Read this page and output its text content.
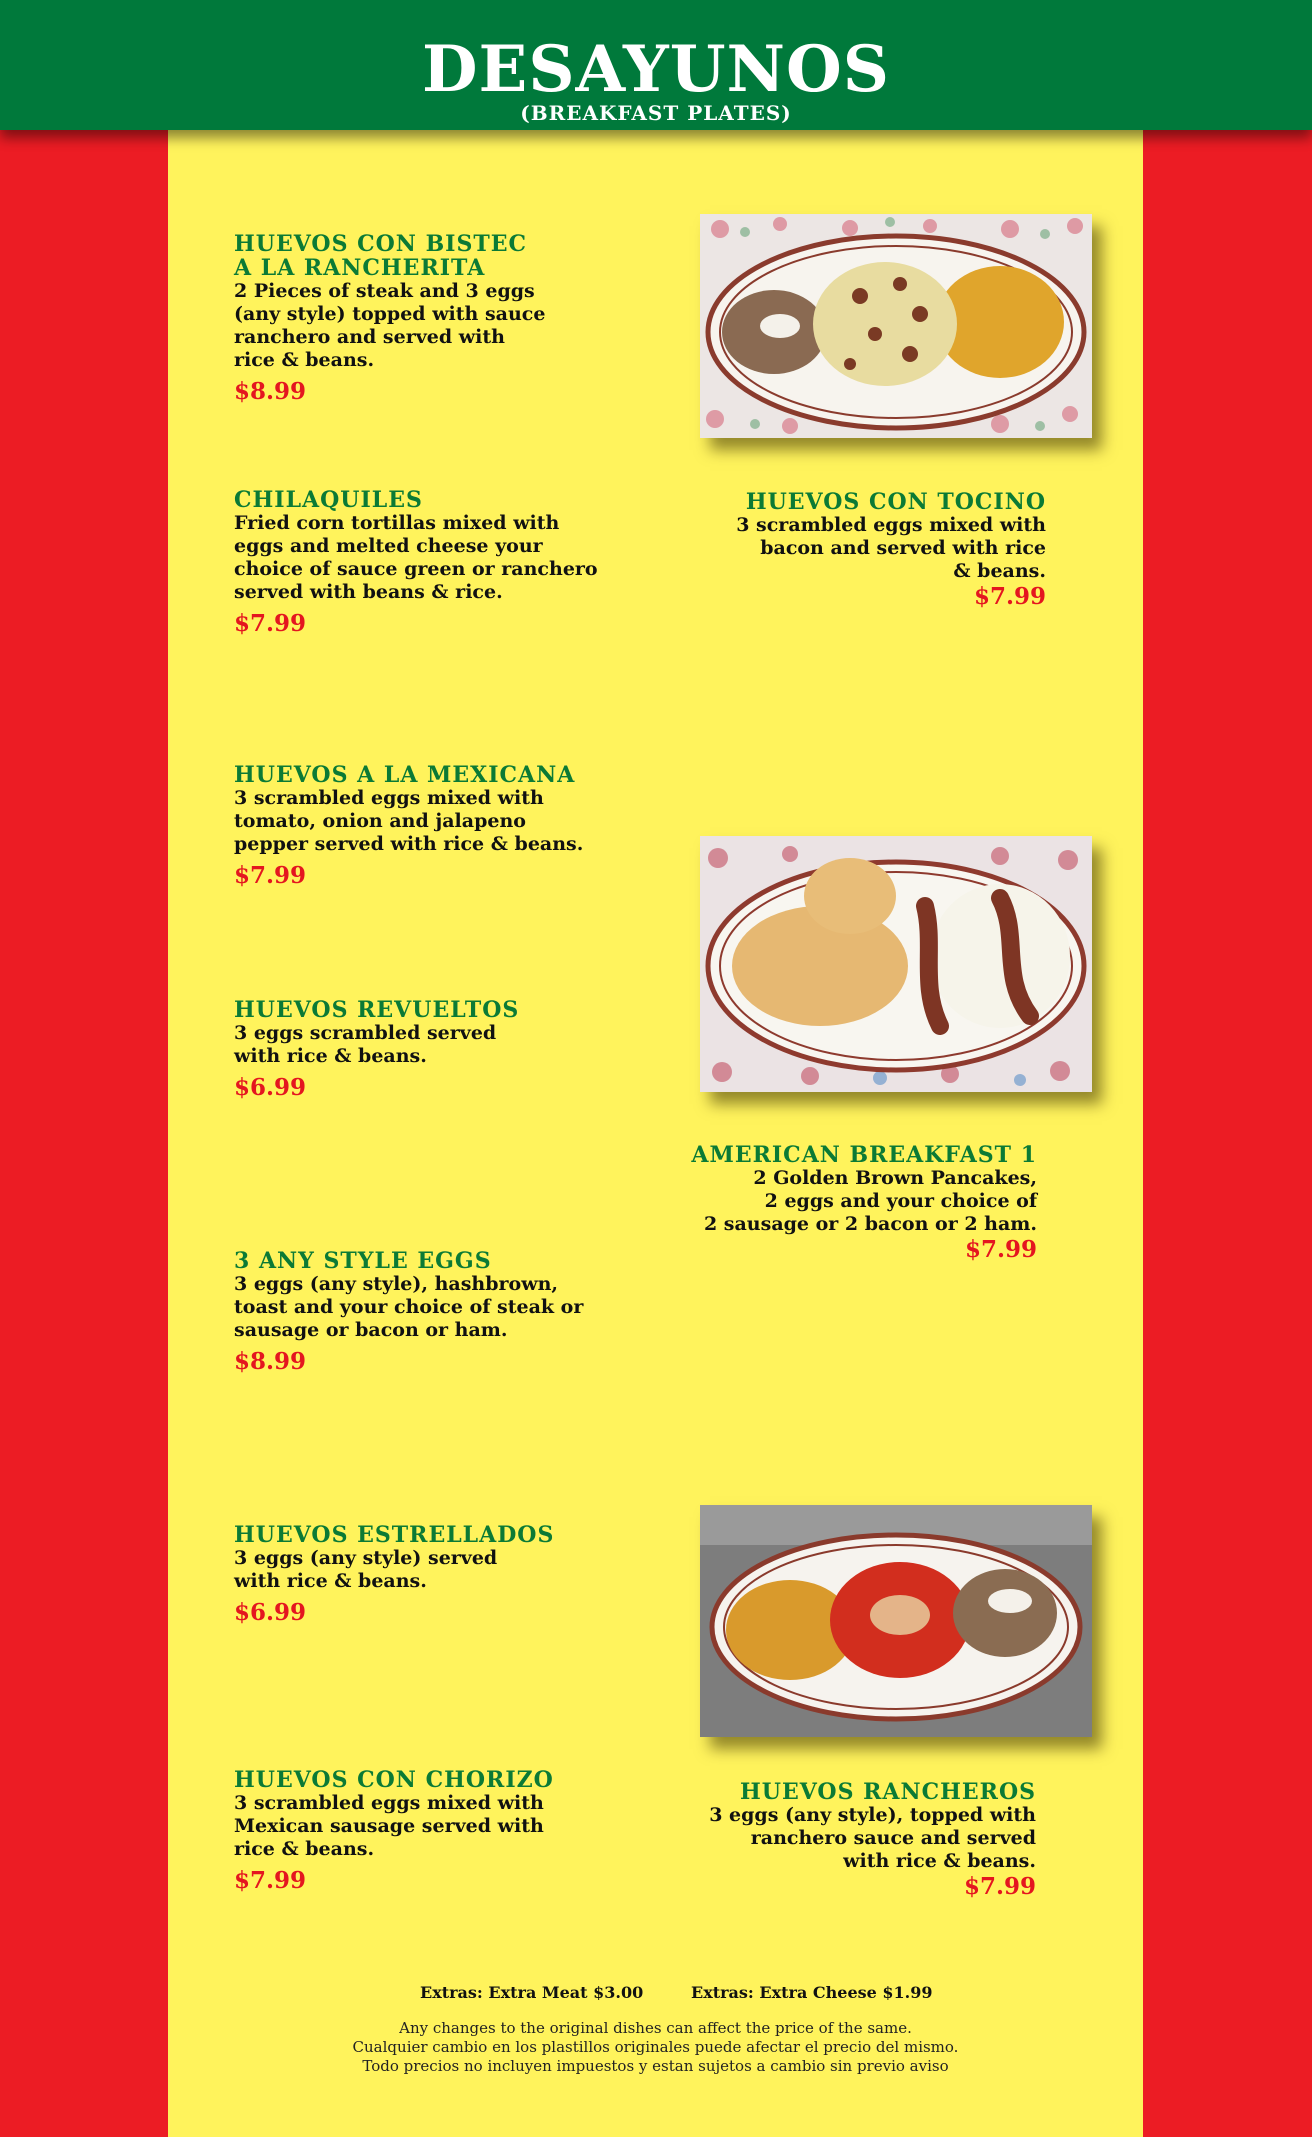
DESAYUNOS
(BREAKFAST PLATES)
HUEVOS CON BISTEC
A LA RANCHERITA
2 Pieces of steak and 3 eggs
(any style) topped with sauce
ranchero and served with
rice & beans.
$8.99
CHILAQUILES
Fried corn tortillas mixed with
eggs and melted cheese your
choice of sauce green or ranchero
served with beans & rice.
$7.99
HUEVOS A LA MEXICANA
3 scrambled eggs mixed with
tomato, onion and jalapeno
pepper served with rice & beans.
$7.99
HUEVOS REVUELTOS
3 eggs scrambled served
with rice & beans.
$6.99
3 ANY STYLE EGGS
3 eggs (any style), hashbrown,
toast and your choice of steak or
sausage or bacon or ham.
$8.99
HUEVOS ESTRELLADOS
3 eggs (any style) served
with rice & beans.
$6.99
HUEVOS CON CHORIZO
3 scrambled eggs mixed with
Mexican sausage served with
rice & beans.
$7.99
HUEVOS CON TOCINO
3 scrambled eggs mixed with
bacon and served with rice
& beans.
$7.99
AMERICAN BREAKFAST 1
2 Golden Brown Pancakes,
2 eggs and your choice of
2 sausage or 2 bacon or 2 ham.
$7.99
HUEVOS RANCHEROS
3 eggs (any style), topped with
ranchero sauce and served
with rice & beans.
$7.99
Extras: Extra Meat $3.00	Extras: Extra Cheese $1.99
Any changes to the original dishes can affect the price of the same.
Cualquier cambio en los plastillos originales puede afectar el precio del mismo.
Todo precios no incluyen impuestos y estan sujetos a cambio sin previo aviso
